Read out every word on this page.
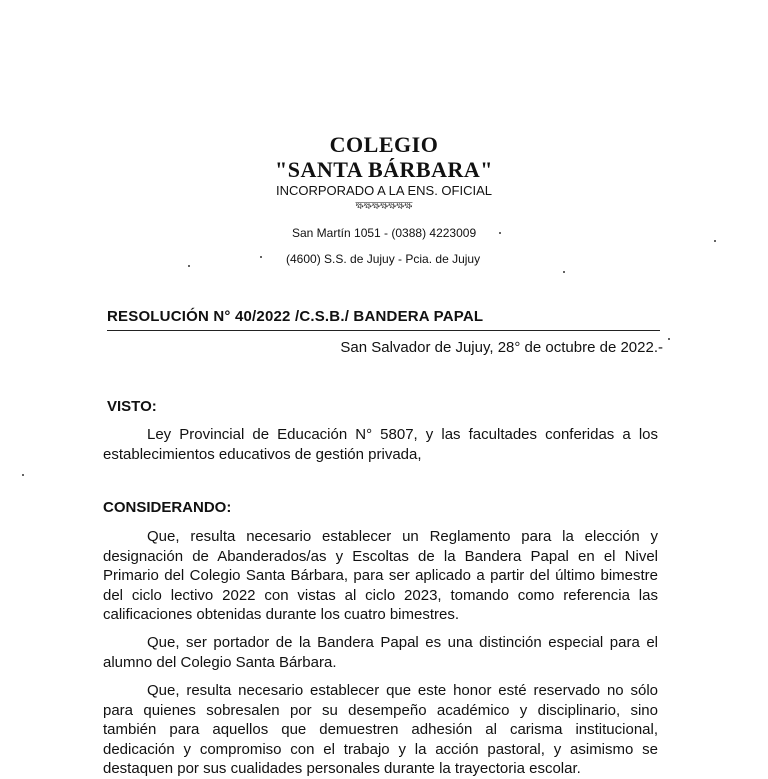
COLEGIO
"SANTA BÁRBARA"
INCORPORADO A LA ENS. OFICIAL
ক্ষক্ষক্ষক্ষক্ষক্ষক্ষ
San Martín 1051 - (0388) 4223009
(4600) S.S. de Jujuy - Pcia. de Jujuy
RESOLUCIÓN N° 40/2022 /C.S.B./ BANDERA PAPAL
San Salvador de Jujuy, 28° de octubre de 2022.-
VISTO:
Ley Provincial de Educación N° 5807, y las facultades conferidas a los establecimientos educativos de gestión privada,
CONSIDERANDO:
Que, resulta necesario establecer un Reglamento para la elección y designación de Abanderados/as y Escoltas de la Bandera Papal en el Nivel Primario del Colegio Santa Bárbara, para ser aplicado a partir del último bimestre del ciclo lectivo 2022 con vistas al ciclo 2023, tomando como referencia las calificaciones obtenidas durante los cuatro bimestres.
Que, ser portador de la Bandera Papal es una distinción especial para el alumno del Colegio Santa Bárbara.
Que, resulta necesario establecer que este honor esté reservado no sólo para quienes sobresalen por su desempeño académico y disciplinario, sino también para aquellos que demuestren adhesión al carisma institucional, dedicación y compromiso con el trabajo y la acción pastoral, y asimismo se destaquen por sus cualidades personales durante la trayectoria escolar.
